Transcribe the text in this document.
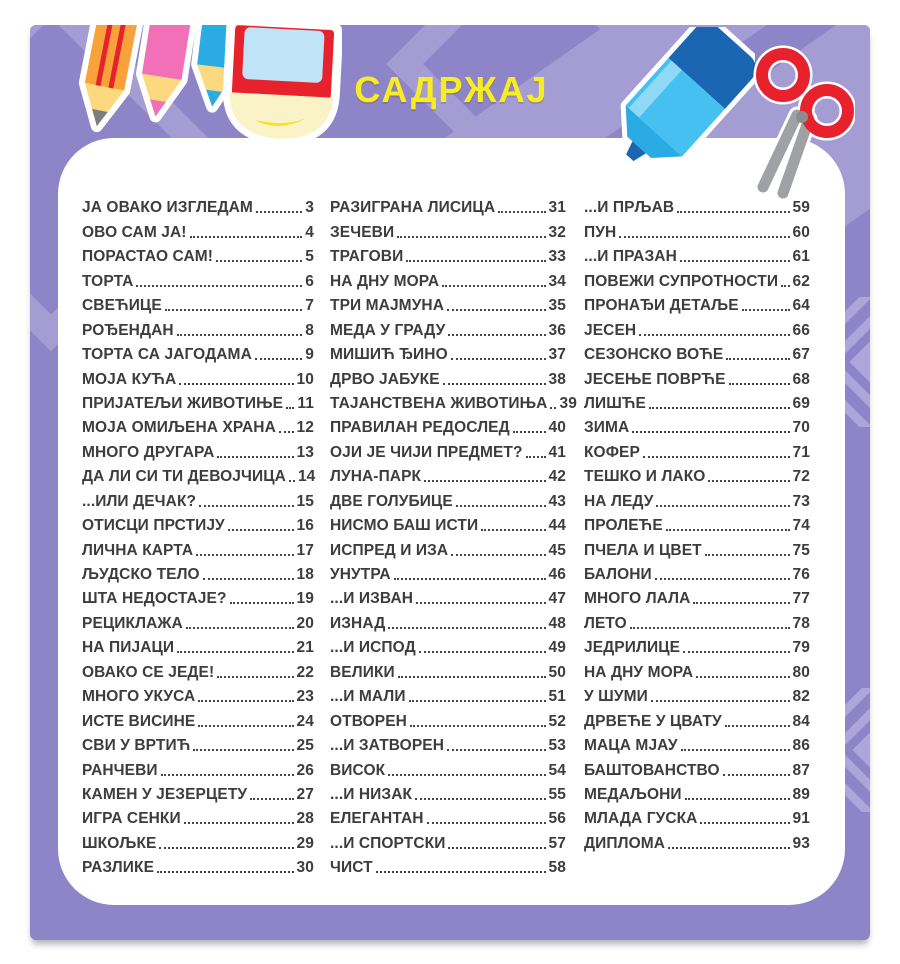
САДРЖАЈ
ЈА ОВАКО ИЗГЛЕДАМ	3
ОВО САМ ЈА!	4
ПОРАСТАО САМ!	5
ТОРТА	6
СВЕЋИЦЕ	7
РОЂЕНДАН	8
ТОРТА СА ЈАГОДАМА	9
МОЈА КУЋА	10
ПРИЈАТЕЉИ ЖИВОТИЊЕ 11
МОЈА ОМИЉЕНА ХРАНА 12
МНОГО ДРУГАРА	13
ДА ЛИ СИ ТИ ДЕВОЈЧИЦА 14
...ИЛИ ДЕЧАК?	15
ОТИСЦИ ПРСТИЈУ	16
ЛИЧНА КАРТА	17
ЉУДСКО ТЕЛО	18
ШТА НЕДОСТАЈЕ?	19
РЕЦИКЛАЖА	20
НА ПИЈАЦИ	21
ОВАКО СЕ ЈЕДЕ!	22
МНОГО УКУСА	23
ИСТЕ ВИСИНЕ	24
СВИ У ВРТИЋ	25
РАНЧЕВИ	26
КАМЕН У ЈЕЗЕРЦЕТУ	27
ИГРА СЕНКИ	28
ШКОЉКЕ	29
РАЗЛИКЕ	30
РАЗИГРАНА ЛИСИЦА	31
ЗЕЧЕВИ	32
ТРАГОВИ	33
НА ДНУ МОРА	34
ТРИ МАЈМУНА	35
МЕДА У ГРАДУ	36
МИШИЋ ЂИНО	37
ДРВО ЈАБУКЕ	38
ТАЈАНСТВЕНА ЖИВОТИЊА 39
ПРАВИЛАН РЕДОСЛЕД	40
ОЈИ ЈЕ ЧИЈИ ПРЕДМЕТ? 41
ЛУНА-ПАРК	42
ДВЕ ГОЛУБИЦЕ	43
НИСМО БАШ ИСТИ	44
ИСПРЕД И ИЗА	45
УНУТРА	46
...И ИЗВАН	47
ИЗНАД	48
...И ИСПОД	49
ВЕЛИКИ	50
...И МАЛИ	51
ОТВОРЕН	52
...И ЗАТВОРЕН	53
ВИСОК	54
...И НИЗАК	55
ЕЛЕГАНТАН	56
...И СПОРТСКИ	57
ЧИСТ	58
...И ПРЉАВ	59
ПУН	60
...И ПРАЗАН	61
ПОВЕЖИ СУПРОТНОСТИ 62
ПРОНАЂИ ДЕТАЉЕ	64
ЈЕСЕН	66
СЕЗОНСКО ВОЋЕ	67
ЈЕСЕЊЕ ПОВРЋЕ	68
ЛИШЋЕ	69
ЗИМА	70
КОФЕР	71
ТЕШКО И ЛАКО	72
НА ЛЕДУ	73
ПРОЛЕЋЕ	74
ПЧЕЛА И ЦВЕТ	75
БАЛОНИ	76
МНОГО ЛАЛА	77
ЛЕТО	78
ЈЕДРИЛИЦЕ	79
НА ДНУ МОРА	80
У ШУМИ	82
ДРВЕЋЕ У ЦВАТУ	84
МАЦА МЈАУ	86
БАШТОВАНСТВО	87
МЕДАЉОНИ	89
МЛАДА ГУСКА	91
ДИПЛОМА	93
